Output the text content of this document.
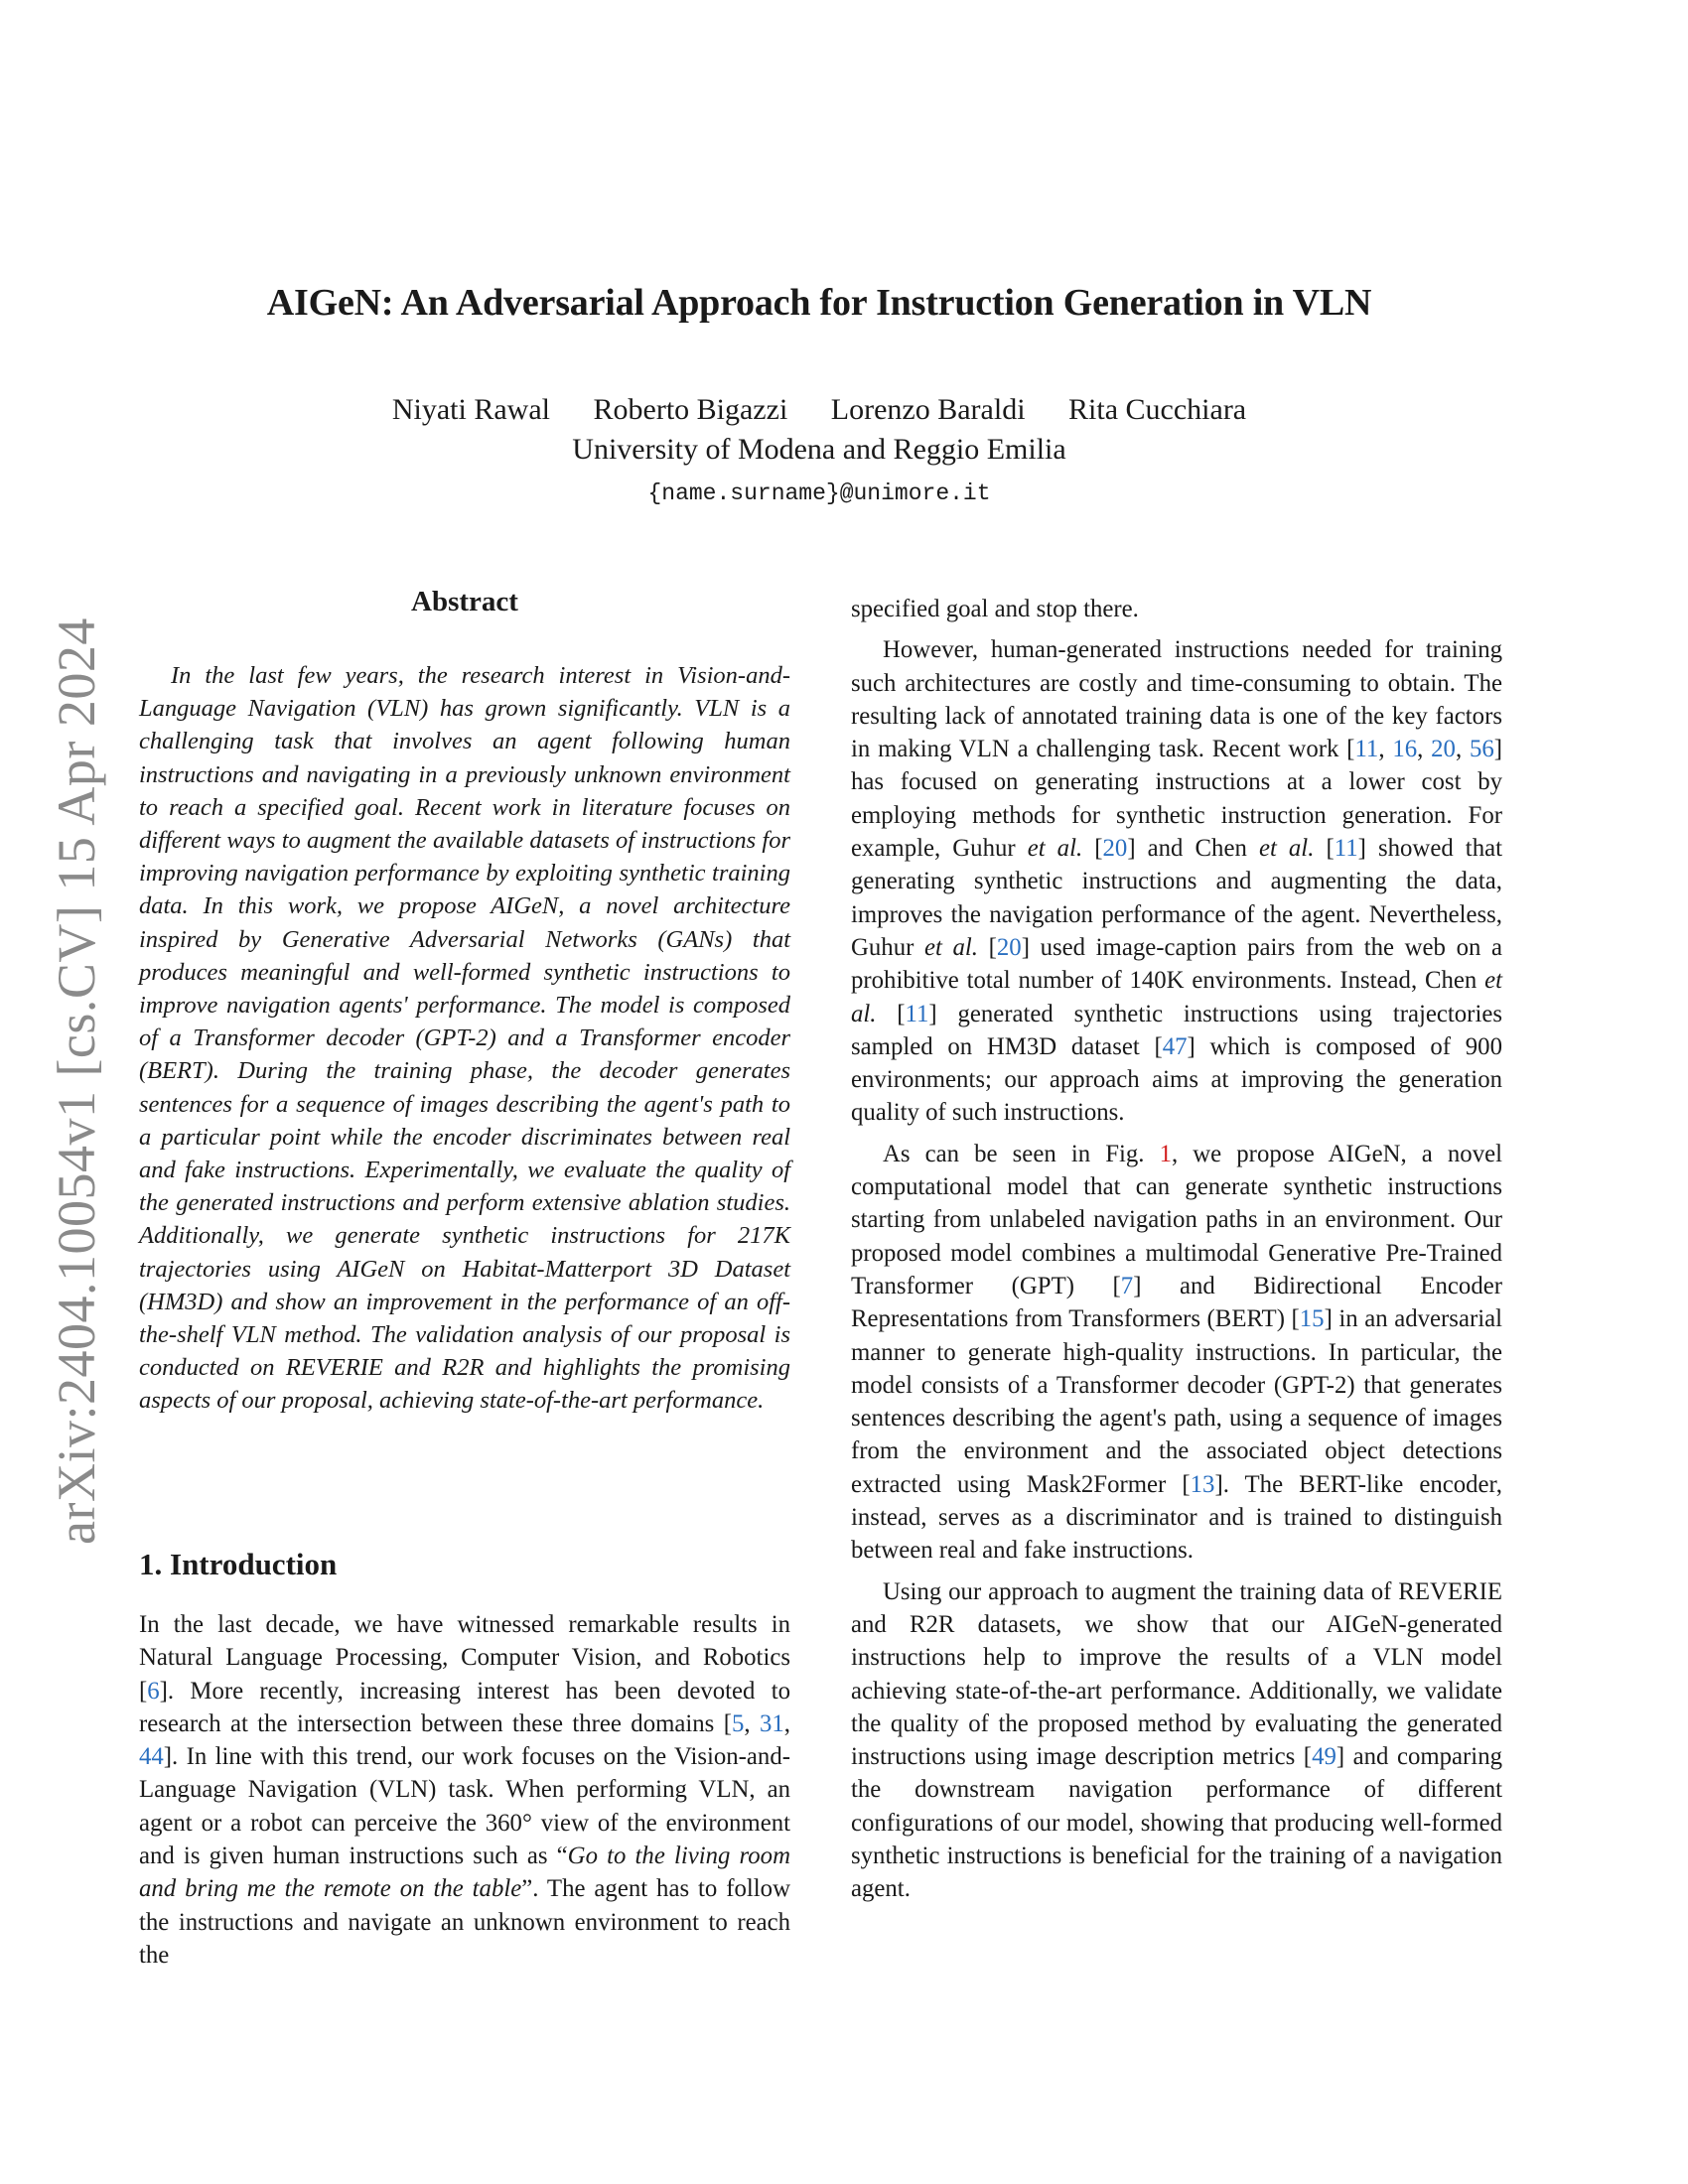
arXiv:2404.10054v1 [cs.CV] 15 Apr 2024
AIGeN: An Adversarial Approach for Instruction Generation in VLN
Niyati Rawal Roberto Bigazzi Lorenzo Baraldi Rita Cucchiara
University of Modena and Reggio Emilia
{name.surname}@unimore.it
Abstract

In the last few years, the research interest in Vision-and-Language Navigation (VLN) has grown significantly. VLN is a challenging task that involves an agent following human instructions and navigating in a previously unknown environment to reach a specified goal. Recent work in literature focuses on different ways to augment the available datasets of instructions for improving navigation performance by exploiting synthetic training data. In this work, we propose AIGeN, a novel architecture inspired by Generative Adversarial Networks (GANs) that produces meaningful and well-formed synthetic instructions to improve navigation agents' performance. The model is composed of a Transformer decoder (GPT-2) and a Transformer encoder (BERT). During the training phase, the decoder generates sentences for a sequence of images describing the agent's path to a particular point while the encoder discriminates between real and fake instructions. Experimentally, we evaluate the quality of the generated instructions and perform extensive ablation studies. Additionally, we generate synthetic instructions for 217K trajectories using AIGeN on Habitat-Matterport 3D Dataset (HM3D) and show an improvement in the performance of an off-the-shelf VLN method. The validation analysis of our proposal is conducted on REVERIE and R2R and highlights the promising aspects of our proposal, achieving state-of-the-art performance.

1. Introduction

In the last decade, we have witnessed remarkable results in Natural Language Processing, Computer Vision, and Robotics [6]. More recently, increasing interest has been devoted to research at the intersection between these three domains [5, 31, 44]. In line with this trend, our work focuses on the Vision-and-Language Navigation (VLN) task. When performing VLN, an agent or a robot can perceive the 360° view of the environment and is given human instructions such as “Go to the living room and bring me the remote on the table”. The agent has to follow the instructions and navigate an unknown environment to reach the

specified goal and stop there.

However, human-generated instructions needed for training such architectures are costly and time-consuming to obtain. The resulting lack of annotated training data is one of the key factors in making VLN a challenging task. Recent work [11, 16, 20, 56] has focused on generating instructions at a lower cost by employing methods for synthetic instruction generation. For example, Guhur et al. [20] and Chen et al. [11] showed that generating synthetic instructions and augmenting the data, improves the navigation performance of the agent. Nevertheless, Guhur et al. [20] used image-caption pairs from the web on a prohibitive total number of 140K environments. Instead, Chen et al. [11] generated synthetic instructions using trajectories sampled on HM3D dataset [47] which is composed of 900 environments; our approach aims at improving the generation quality of such instructions.

As can be seen in Fig. 1, we propose AIGeN, a novel computational model that can generate synthetic instructions starting from unlabeled navigation paths in an environment. Our proposed model combines a multimodal Generative Pre-Trained Transformer (GPT) [7] and Bidirectional Encoder Representations from Transformers (BERT) [15] in an adversarial manner to generate high-quality instructions. In particular, the model consists of a Transformer decoder (GPT-2) that generates sentences describing the agent's path, using a sequence of images from the environment and the associated object detections extracted using Mask2Former [13]. The BERT-like encoder, instead, serves as a discriminator and is trained to distinguish between real and fake instructions.

Using our approach to augment the training data of REVERIE and R2R datasets, we show that our AIGeN-generated instructions help to improve the results of a VLN model achieving state-of-the-art performance. Additionally, we validate the quality of the proposed method by evaluating the generated instructions using image description metrics [49] and comparing the downstream navigation performance of different configurations of our model, showing that producing well-formed synthetic instructions is beneficial for the training of a navigation agent.
